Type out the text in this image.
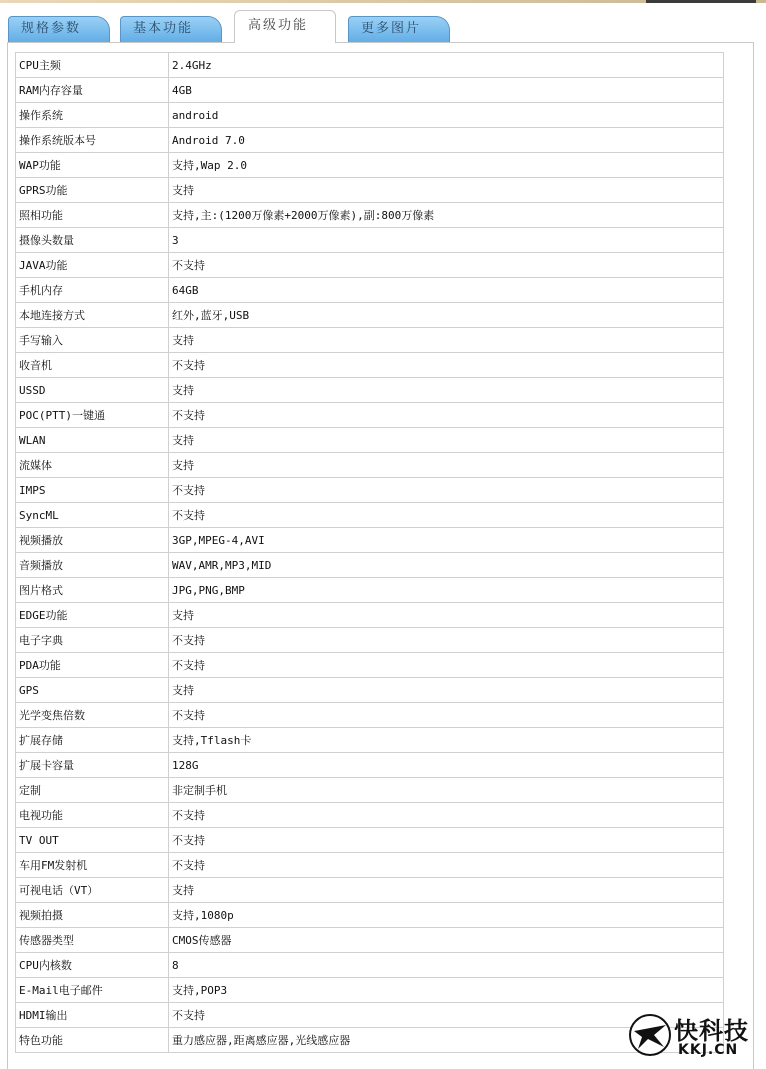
规格参数	基本功能	高级功能	更多图片
CPU主频	2.4GHz
RAM内存容量	4GB
操作系统	android
操作系统版本号	Android 7.0
WAP功能	支持,Wap 2.0
GPRS功能	支持
照相功能	支持,主:(1200万像素+2000万像素),副:800万像素
摄像头数量	3
JAVA功能	不支持
手机内存	64GB
本地连接方式	红外,蓝牙,USB
手写输入	支持
收音机	不支持
USSD	支持
POC(PTT)一键通	不支持
WLAN	支持
流媒体	支持
IMPS	不支持
SyncML	不支持
视频播放	3GP,MPEG-4,AVI
音频播放	WAV,AMR,MP3,MID
图片格式	JPG,PNG,BMP
EDGE功能	支持
电子字典	不支持
PDA功能	不支持
GPS	支持
光学变焦倍数	不支持
扩展存储	支持,Tflash卡
扩展卡容量	128G
定制	非定制手机
电视功能	不支持
TV OUT	不支持
车用FM发射机	不支持
可视电话（VT）	支持
视频拍摄	支持,1080p
传感器类型	CMOS传感器
CPU内核数	8
E-Mail电子邮件	支持,POP3
HDMI输出	不支持
特色功能	重力感应器,距离感应器,光线感应器	快科技
KKJ.CN
